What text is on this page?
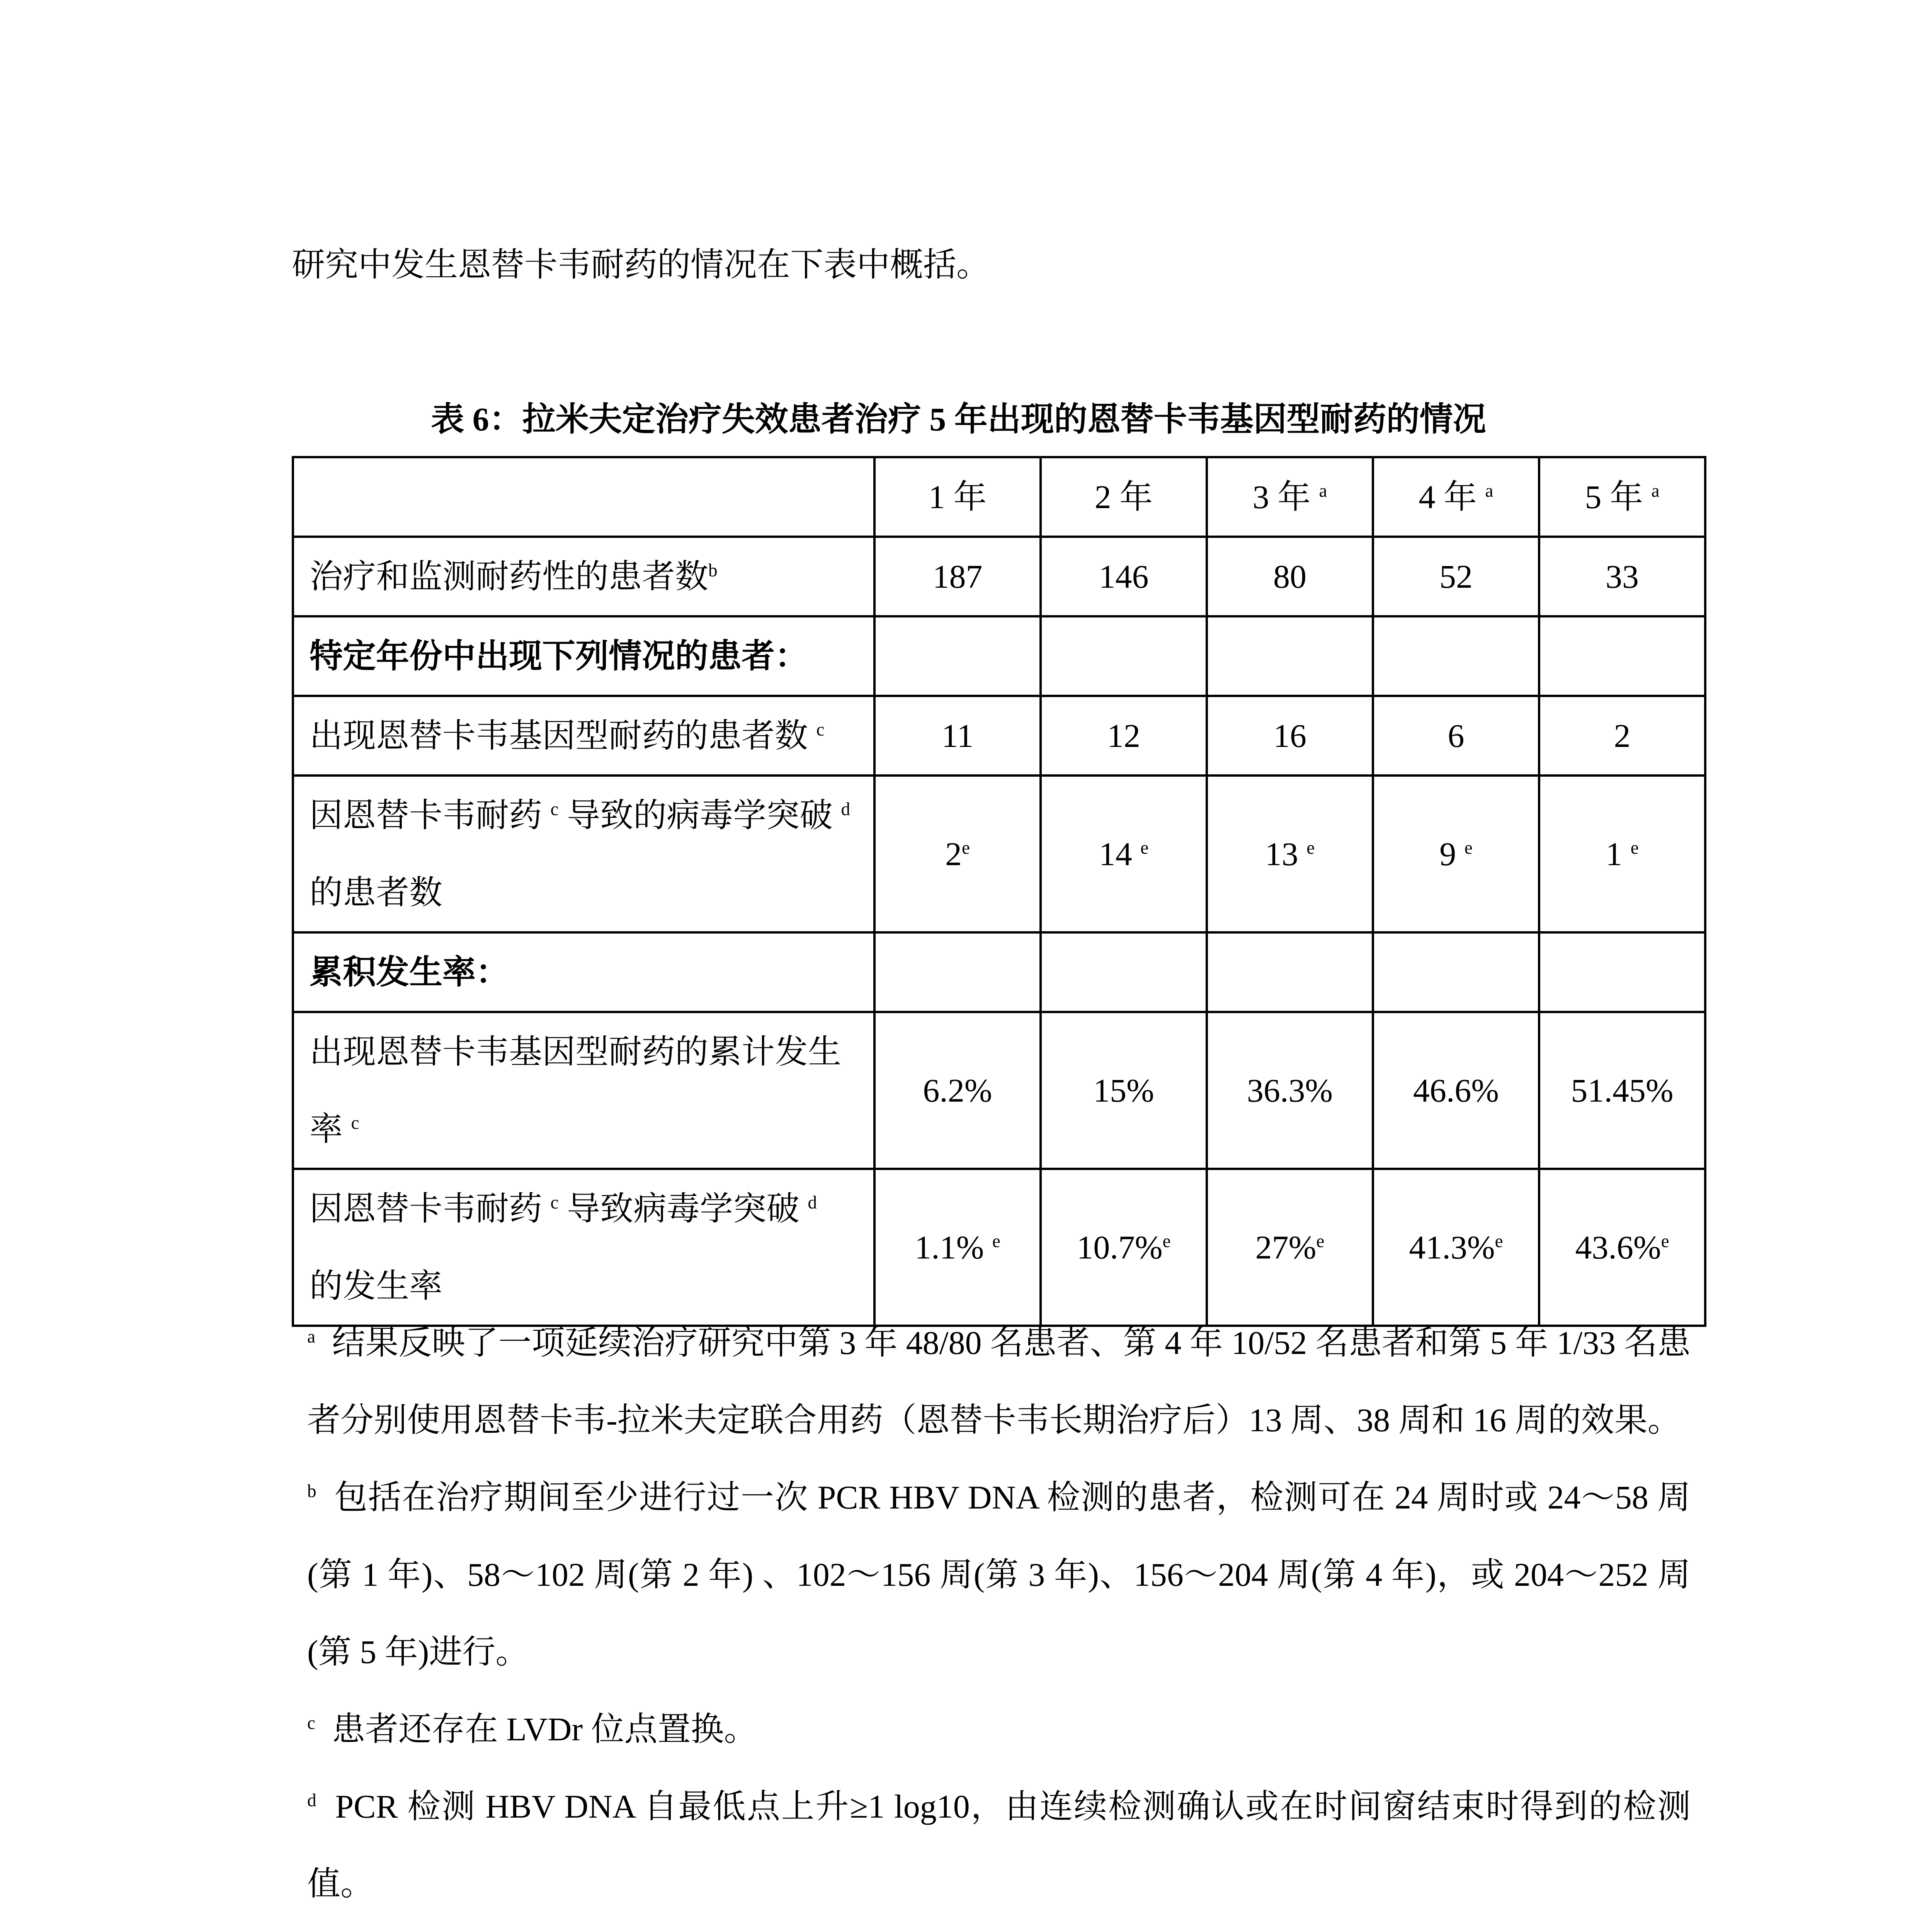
研究中发生恩替卡韦耐药的情况在下表中概括。
表 6：拉米夫定治疗失效患者治疗 5 年出现的恩替卡韦基因型耐药的情况
	1 年	2 年	3 年 $^a$	4 年 $^a$	5 年 $^a$
治疗和监测耐药性的患者数$^b$	187	146	80	52	33
特定年份中出现下列情况的患者：					
出现恩替卡韦基因型耐药的患者数 $^c$	11	12	16	6	2
因恩替卡韦耐药 $^c$ 导致的病毒学突破 $^d$
的患者数	2e	14 $^e$	13 $^e$	9 $^e$	1 $^e$
累积发生率：					
出现恩替卡韦基因型耐药的累计发生率 $^c$	6.2%	15%	36.3%	46.6%	51.45%
因恩替卡韦耐药 $^c$ 导致病毒学突破 $^d$ 的发生率	1.1% $^e$	10.7%$^e$	27%$^e$	41.3%$^e$	43.6%$^e$
$^a$ 结果反映了一项延续治疗研究中第 3 年 48/80 名患者、第 4 年 10/52 名患者和第 5 年 1/33 名患者分别使用恩替卡韦-拉米夫定联合用药（恩替卡韦长期治疗后）13 周、38 周和 16 周的效果。
$^b$ 包括在治疗期间至少进行过一次 PCR HBV DNA 检测的患者，检测可在 24 周时或 24～58 周(第 1 年)、58～102 周(第 2 年) 、102～156 周(第 3 年)、156～204 周(第 4 年)，或 204～252 周(第 5 年)进行。
$^c$ 患者还存在 LVDr 位点置换。
$^d$ PCR 检测 HBV DNA 自最低点上升≥1 log10，由连续检测确认或在时间窗结束时得到的检测值。
